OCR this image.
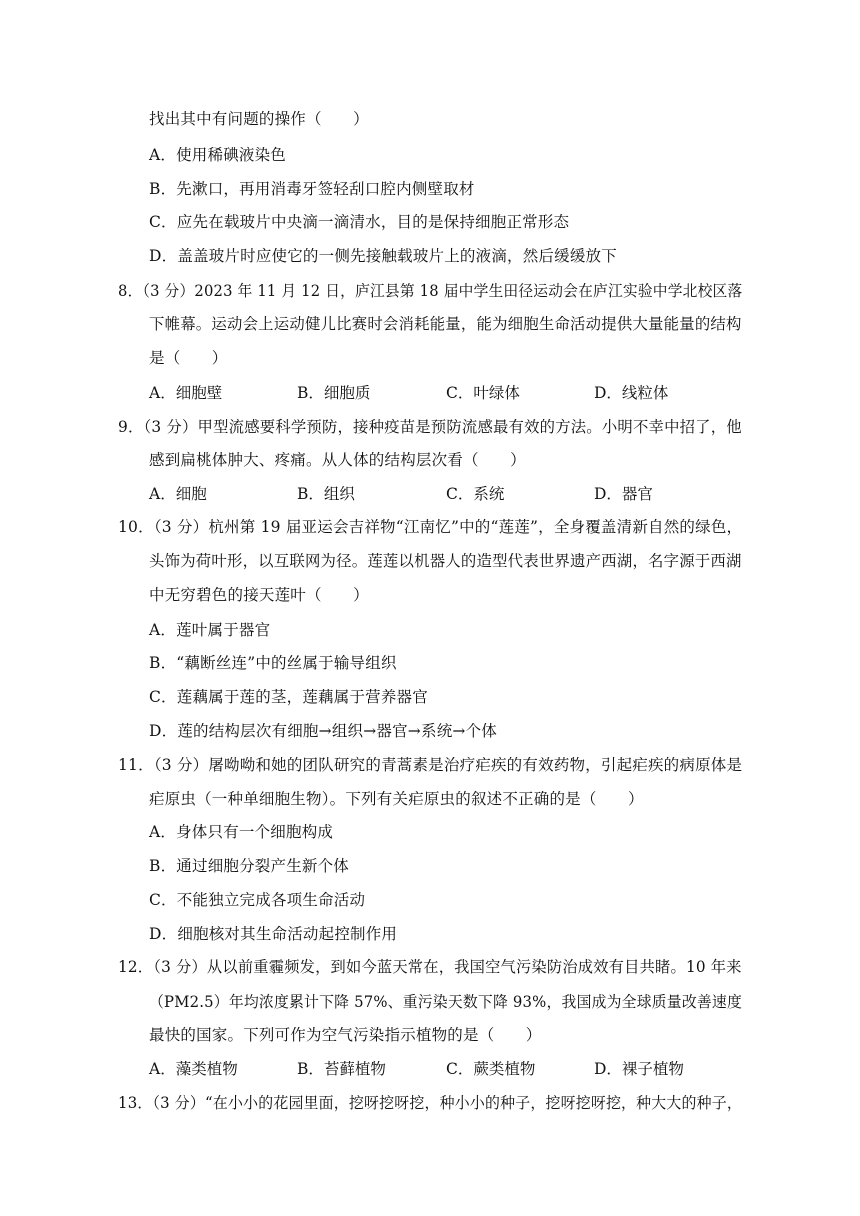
找出其中有问题的操作（　　）
A．使用稀碘液染色
B．先漱口，再用消毒牙签轻刮口腔内侧壁取材
C．应先在载玻片中央滴一滴清水，目的是保持细胞正常形态
D．盖盖玻片时应使它的一侧先接触载玻片上的液滴，然后缓缓放下
8．（3 分）2023 年 11 月 12 日，庐江县第 18 届中学生田径运动会在庐江实验中学北校区落
下帷幕。运动会上运动健儿比赛时会消耗能量，能为细胞生命活动提供大量能量的结构
是（　　）
A．细胞壁	B．细胞质	C．叶绿体	D．线粒体
9．（3 分）甲型流感要科学预防，接种疫苗是预防流感最有效的方法。小明不幸中招了，他
感到扁桃体肿大、疼痛。从人体的结构层次看（　　）
A．细胞	B．组织	C．系统	D．器官
10．（3 分）杭州第 19 届亚运会吉祥物“江南忆”中的“莲莲”，全身覆盖清新自然的绿色，
头饰为荷叶形，以互联网为径。莲莲以机器人的造型代表世界遗产西湖，名字源于西湖
中无穷碧色的接天莲叶（　　）
A．莲叶属于器官
B．“藕断丝连”中的丝属于输导组织
C．莲藕属于莲的茎，莲藕属于营养器官
D．莲的结构层次有细胞→组织→器官→系统→个体
11．（3 分）屠呦呦和她的团队研究的青蒿素是治疗疟疾的有效药物，引起疟疾的病原体是
疟原虫（一种单细胞生物）。下列有关疟原虫的叙述不正确的是（　　）
A．身体只有一个细胞构成
B．通过细胞分裂产生新个体
C．不能独立完成各项生命活动
D．细胞核对其生命活动起控制作用
12．（3 分）从以前重霾频发，到如今蓝天常在，我国空气污染防治成效有目共睹。10 年来
（PM2.5）年均浓度累计下降 57%、重污染天数下降 93%，我国成为全球质量改善速度
最快的国家。下列可作为空气污染指示植物的是（　　）
A．藻类植物	B．苔藓植物	C．蕨类植物	D．裸子植物
13．（3 分）“在小小的花园里面，挖呀挖呀挖，种小小的种子，挖呀挖呀挖，种大大的种子，
